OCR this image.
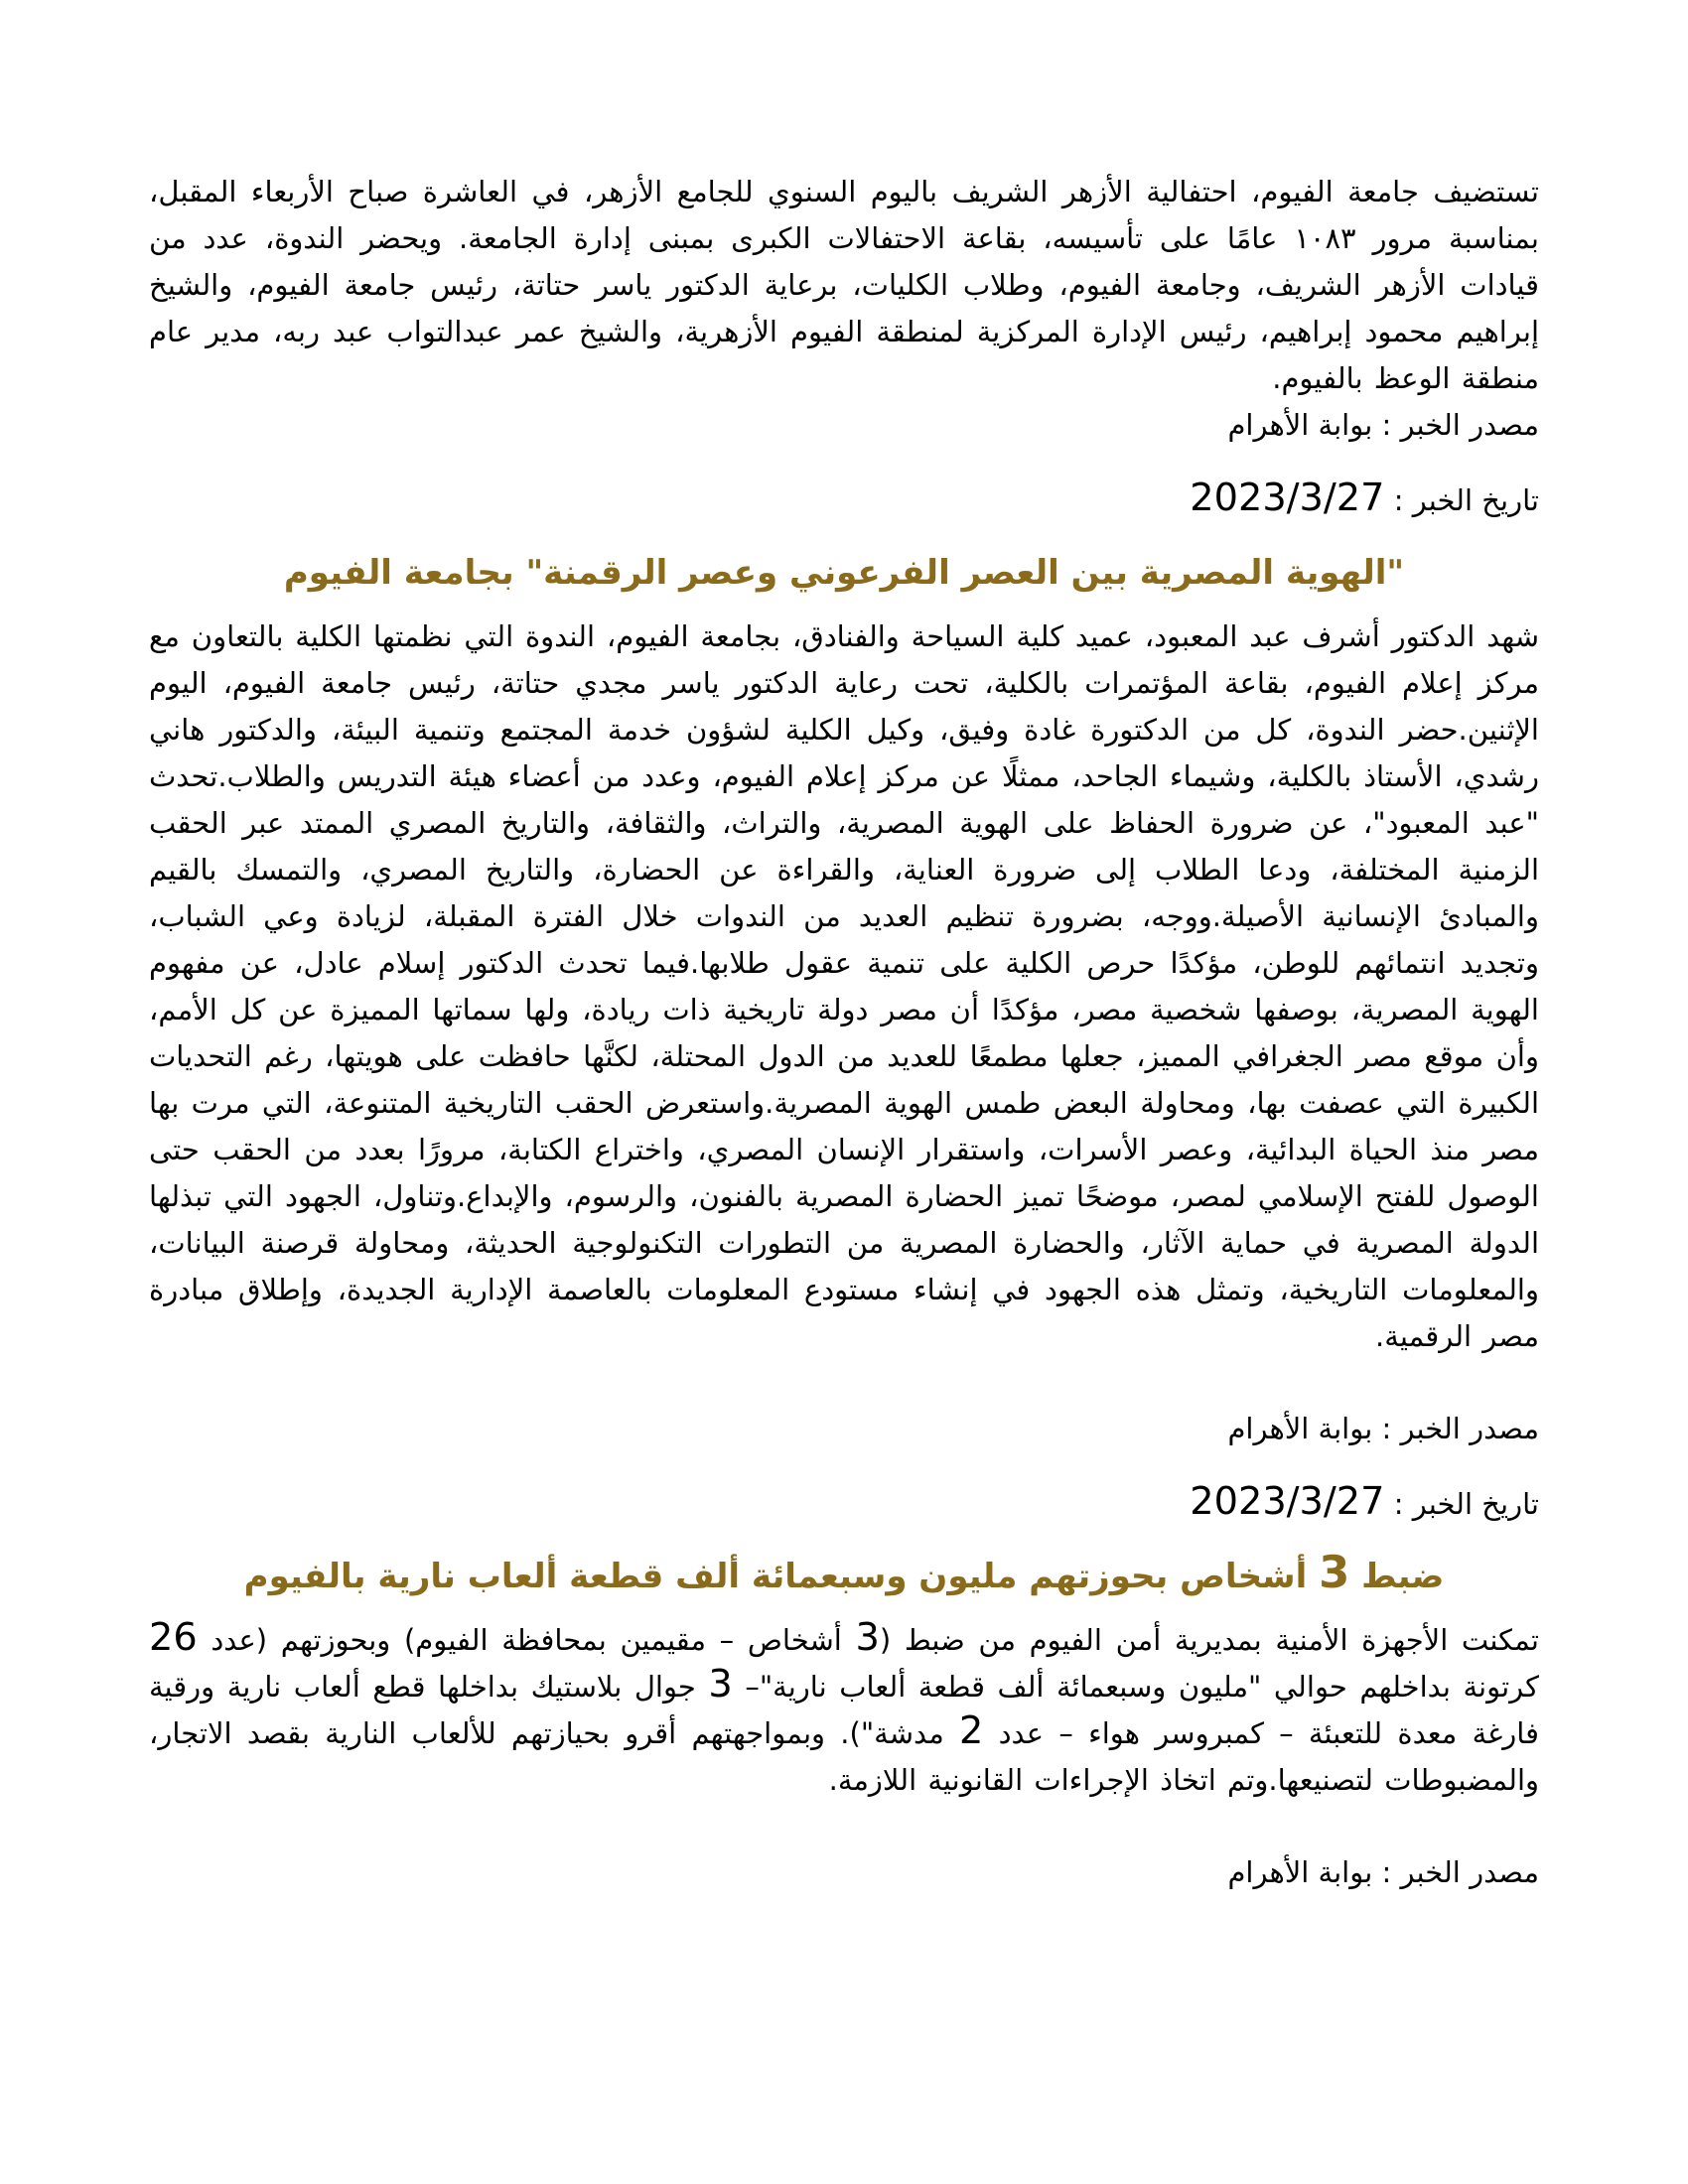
تستضيف جامعة الفيوم، احتفالية الأزهر الشريف باليوم السنوي للجامع الأزهر، في العاشرة صباح الأربعاء المقبل، بمناسبة مرور ١٠٨٣ عامًا على تأسيسه، بقاعة الاحتفالات الكبرى بمبنى إدارة الجامعة. ويحضر الندوة، عدد من قيادات الأزهر الشريف، وجامعة الفيوم، وطلاب الكليات، برعاية الدكتور ياسر حتاتة، رئيس جامعة الفيوم، والشيخ إبراهيم محمود إبراهيم، رئيس الإدارة المركزية لمنطقة الفيوم الأزهرية، والشيخ عمر عبدالتواب عبد ربه، مدير عام منطقة الوعظ بالفيوم.

مصدر الخبر : بوابة الأهرام

تاريخ الخبر : 2023/3/27

"الهوية المصرية بين العصر الفرعوني وعصر الرقمنة" بجامعة الفيوم

شهد الدكتور أشرف عبد المعبود، عميد كلية السياحة والفنادق، بجامعة الفيوم، الندوة التي نظمتها الكلية بالتعاون مع مركز إعلام الفيوم، بقاعة المؤتمرات بالكلية، تحت رعاية الدكتور ياسر مجدي حتاتة، رئيس جامعة الفيوم، اليوم الإثنين.حضر الندوة، كل من الدكتورة غادة وفيق، وكيل الكلية لشؤون خدمة المجتمع وتنمية البيئة، والدكتور هاني رشدي، الأستاذ بالكلية، وشيماء الجاحد، ممثلًا عن مركز إعلام الفيوم، وعدد من أعضاء هيئة التدريس والطلاب.تحدث "عبد المعبود"، عن ضرورة الحفاظ على الهوية المصرية، والتراث، والثقافة، والتاريخ المصري الممتد عبر الحقب الزمنية المختلفة، ودعا الطلاب إلى ضرورة العناية، والقراءة عن الحضارة، والتاريخ المصري، والتمسك بالقيم والمبادئ الإنسانية الأصيلة.ووجه، بضرورة تنظيم العديد من الندوات خلال الفترة المقبلة، لزيادة وعي الشباب، وتجديد انتمائهم للوطن، مؤكدًا حرص الكلية على تنمية عقول طلابها.فيما تحدث الدكتور إسلام عادل، عن مفهوم الهوية المصرية، بوصفها شخصية مصر، مؤكدًا أن مصر دولة تاريخية ذات ريادة، ولها سماتها المميزة عن كل الأمم، وأن موقع مصر الجغرافي المميز، جعلها مطمعًا للعديد من الدول المحتلة، لكنَّها حافظت على هويتها، رغم التحديات الكبيرة التي عصفت بها، ومحاولة البعض طمس الهوية المصرية.واستعرض الحقب التاريخية المتنوعة، التي مرت بها مصر منذ الحياة البدائية، وعصر الأسرات، واستقرار الإنسان المصري، واختراع الكتابة، مرورًا بعدد من الحقب حتى الوصول للفتح الإسلامي لمصر، موضحًا تميز الحضارة المصرية بالفنون، والرسوم، والإبداع.وتناول، الجهود التي تبذلها الدولة المصرية في حماية الآثار، والحضارة المصرية من التطورات التكنولوجية الحديثة، ومحاولة قرصنة البيانات، والمعلومات التاريخية، وتمثل هذه الجهود في إنشاء مستودع المعلومات بالعاصمة الإدارية الجديدة، وإطلاق مبادرة مصر الرقمية.

مصدر الخبر : بوابة الأهرام

تاريخ الخبر : 2023/3/27

ضبط 3 أشخاص بحوزتهم مليون وسبعمائة ألف قطعة ألعاب نارية بالفيوم

تمكنت الأجهزة الأمنية بمديرية أمن الفيوم من ضبط (3 أشخاص – مقيمين بمحافظة الفيوم) وبحوزتهم (عدد 26 كرتونة بداخلهم حوالي "مليون وسبعمائة ألف قطعة ألعاب نارية"– 3 جوال بلاستيك بداخلها قطع ألعاب نارية ورقية فارغة معدة للتعبئة – كمبروسر هواء – عدد 2 مدشة"). وبمواجهتهم أقرو بحيازتهم للألعاب النارية بقصد الاتجار، والمضبوطات لتصنيعها.وتم اتخاذ الإجراءات القانونية اللازمة.

مصدر الخبر : بوابة الأهرام
